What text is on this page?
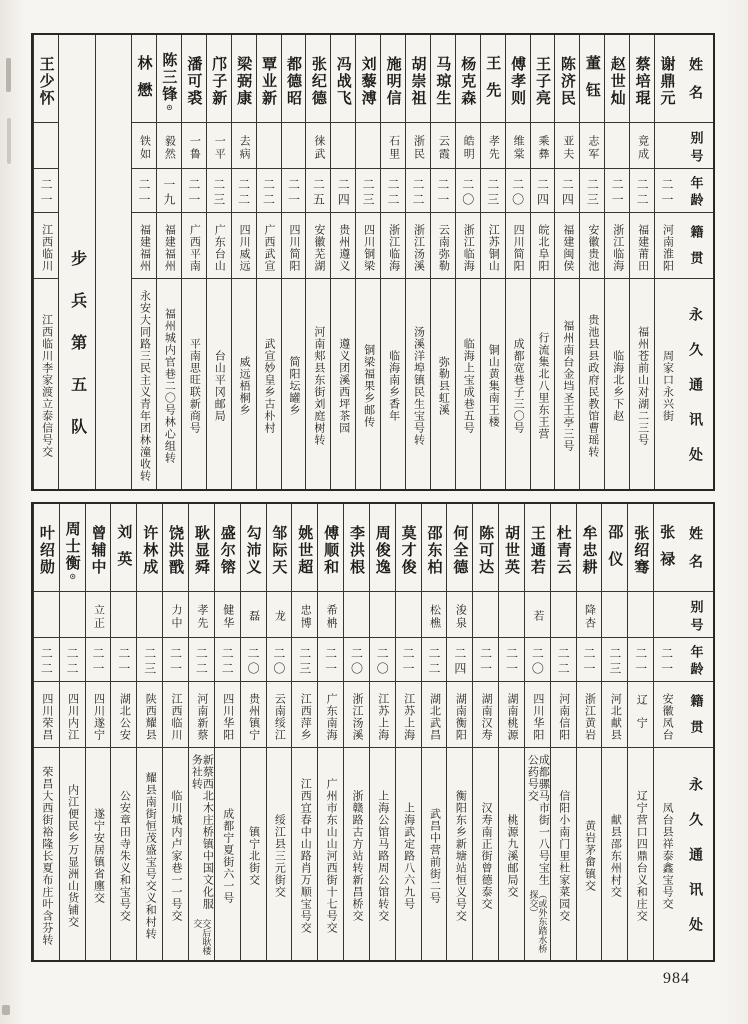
姓名
别号
年龄
籍贯
永久通讯处
谢鼎元
二一
河南淮阳
周家口永兴街
蔡培琨
竟成
二二
福建莆田
福州苍前山对湖二三号
赵世灿
二一
浙江临海
临海北乡下赵
董钰
志军
二三
安徽贵池
贵池县县政府民教馆曹瑶转
陈济民
亚夫
二四
福建闽侯
福州南台金垱圣王亭三号
王子亮
乘彝
二四
皖北阜阳
行流集北八里东王营
傅孝则
维棠
二〇
四川简阳
成都宽巷子三〇号
王先
孝先
二三
江苏铜山
铜山黄集南王楼
杨克森
皓明
二〇
浙江临海
临海上宝成巷五号
马琼生
云霞
二一
云南弥勒
弥勒县虹溪
胡崇祖
浙民
二二
浙江汤溪
汤溪洋埠镇民生宝号转
施明信
石里
二二
浙江临海
临海南乡香年
刘藜溥
二三
四川铜梁
铜梁福果乡邮传
冯战飞
二四
贵州遵义
遵义团溪西坪茶园
张纪德
徕武
二五
安徽芜湖
河南郏县东街刘庭树转
都德昭
二一
四川简阳
简阳坛罐乡
覃业新
二二
广西武宣
武宣妙皇乡古朴村
梁弼康
去病
二二
四川威远
威远梧桐乡
邝子新
一平
二三
广东台山
台山平冈邮局
潘可裘
一鲁
二一
广西平南
平南思旺联新商号
陈三锋
⊙
毅然
一九
福建福州
福州城内官巷二〇号林心组转
林懋
铁如
二一
福建福州
永安大同路三民主义青年团林潼收转
步兵第五队
王少怀
二一
江西临川
江西临川李家渡立泰信号交
姓名
别号
年龄
籍贯
永久通讯处
张禄
二一
安徽凤台
凤台县祥泰鑫宝号交
张绍骞
二一
辽宁
辽宁营口四鼎台义和庄交
邵仪
二三
河北献县
献县邵东州村交
牟忠耕
降杏
二一
浙江黄岩
黄岩茅畲镇交
杜青云
二二
河南信阳
信阳小南门里杜家菜园交
王通若
若
二〇
四川华阳
成都骡马市街一八号宝生公药号交
（或外东踏水桥探交）
胡世英
二一
湖南桃源
桃源九溪邮局交
陈可达
二一
湖南汉寿
汉寿南正街曾德泰交
何全德
浚泉
二四
湖南衡阳
衡阳东乡新塘站恒义号交
邵东柏
松樵
二二
湖北武昌
武昌中营前街二号
莫才俊
二一
江苏上海
上海武定路八六九号
周俊逸
二〇
江苏上海
上海公馆马路周公馆转交
李洪根
二〇
浙江汤溪
浙赣路古方站转新昌桥交
傅顺和
希柟
二一
广东南海
广州市东山山河西街十七号交
姚世超
忠博
二三
江西萍乡
江西宜春中山路肖万顺宝号交
邹际天
龙
二〇
云南绥江
绥江县三元街交
勾沛义
磊
二〇
贵州镇宁
镇宁北街交
盛尔镕
健华
二二
四川华阳
成都宁夏街六一号
耿显舜
孝先
二二
河南新蔡
新蔡西北木庄桥镇中国文化服务社转
交后耿楼交
饶洪戬
力中
二一
江西临川
临川城内卢家巷一一号交
许林成
二三
陕西耀县
耀县南街恒茂盛宝号交义和村转
刘英
二一
湖北公安
公安章田寺朱义和宝号交
曾辅中
立正
二一
四川遂宁
遂宁安居镇省廛交
周士衡
⊙
二二
四川内江
内江便民乡万显洲山货铺交
叶绍勋
二二
四川荣昌
荣昌大西街裕隆长夏布庄叶含芬转
984
